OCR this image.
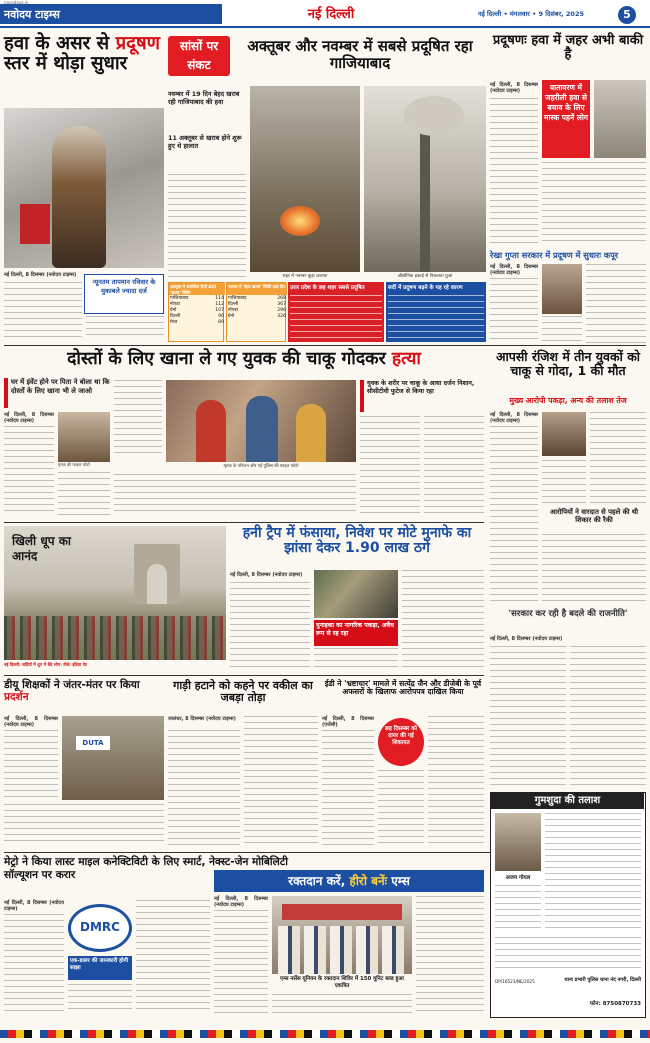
नवोदय टाइम्स
navodaya.in
नई दिल्ली	नई दिल्ली • मंगलवार • 9 दिसंबर, 2025	5
हवा के असर से प्रदूषण स्तर में थोड़ा सुधार
न्यूनतम तापमान रविवार के मुकाबले ज्यादा दर्ज
नई दिल्ली, 8 दिसम्बर (नवोदय टाइम्स)
सांसों पर संकट
अक्तूबर और नवम्बर में सबसे प्रदूषित रहा गाजियाबाद
नवम्बर में 19 दिन बेहद खराब रही गाजियाबाद की हवा
11 अक्तूबर से खराब होने शुरू हुए थे हालात
शहर में नवम्बर कूड़ा जलाया	औद्योगिक इकाई से निकलता धुआं
अक्तूबर में सर्वाधिक दिनों AQI 'खराब' स्थिति
गाजियाबाद	114
नोएडा	112
ग्रेनो	107
दिल्ली	96
मेरठ	89
नवम्बर में 'बेहद खराब' स्थिति वाले दिन
गाजियाबाद	268
दिल्ली	367
नोएडा	296
ग्रेनो	326
उत्तर प्रदेश के छह शहर सबसे प्रदूषित	सर्दी में प्रदूषण बढ़ने के यह रहे कारण
प्रदूषणः हवा में जहर अभी बाकी है
नई दिल्ली, 8 दिसम्बर (नवोदय टाइम्स)	वातावरण में जहरीली हवा से बचाव के लिए मास्क पहनें लोग
रेखा गुप्ता सरकार में प्रदूषण में सुधारः कपूर
नई दिल्ली, 8 दिसम्बर (नवोदय टाइम्स)
दोस्तों के लिए खाना ले गए युवक की चाकू गोदकर हत्या
घर में इंवेंट होने पर पिता ने बोला था कि दोस्तों के लिए खाना भी ले जाओ
नई दिल्ली, 8 दिसम्बर (नवोदय टाइम्स)
मृतक की फाइल फोटो	मृतक के परिजन और गई पुलिस की फाइल फोटो
युवक के शरीर पर चाकू के आधा दर्जन निशान, सीसीटीवी फुटेज से किया रहा
आपसी रंजिश में तीन युवकों को चाकू से गोदा, 1 की मौत
मुख्य आरोपी पकड़ा, अन्य की तलाश तेज
नई दिल्ली, 8 दिसम्बर (नवोदय टाइम्स)
आरोपियों ने वारदात से पहले की थी शिकार की रैकी
खिली धूप का आनंद
नई दिल्ली: सर्दियों में धूप में बैठे लोग। नीचे: इंडिया गेट
हनी ट्रैप में फंसाया, निवेश पर मोटे मुनाफे का झांसा देकर 1.90 लाख ठगे
नई दिल्ली, 8 दिसम्बर (नवोदय टाइम्स)
युनाइका का नागरिक पकड़ा, अवैध रूप से रह रहा
'सरकार कर रही है बदले की राजनीति'
नई दिल्ली, 8 दिसम्बर (नवोदय टाइम्स)
डीयू शिक्षकों ने जंतर-मंतर पर किया प्रदर्शन
नई दिल्ली, 8 दिसम्बर (नवोदय टाइम्स)
DUTA
गाड़ी हटाने को कहने पर वकील का जबड़ा तोड़ा
जालंधर, 8 दिसम्बर (नवोदय टाइम्स)
ईडी ने 'भ्रष्टाचार' मामले में सत्येंद्र जैन और डीजेबी के पूर्व अफसरों के खिलाफ आरोपपत्र दाखिल किया
नई दिल्ली, 8 दिसम्बर (एजेंसी)
छह दिसम्बर को दायर की गई शिकायत
मेट्रो ने किया लास्ट माइल कनेक्टिविटी के लिए स्मार्ट, नेक्स्ट-जेन मोबिलिटी सॉल्यूशन पर करार
नई दिल्ली, 8 दिसम्बर (नवोदय टाइम्स)
DMRC
एक-डालर की जानकारी होगी साझा
रक्तदान करें, हीरो बनेंः एम्स
नई दिल्ली, 8 दिसम्बर (नवोदय टाइम्स)
एम्स नर्सेस यूनियन के रक्तदान शिविर में 150 यूनिट ब्लड हुआ एकत्रित
गुमशुदा की तलाश
अजय गोयल
DP/16523/NE/2025	थाना प्रभारी पुलिस थाना नंद नगरी, दिल्ली
फोन: 8750870733
